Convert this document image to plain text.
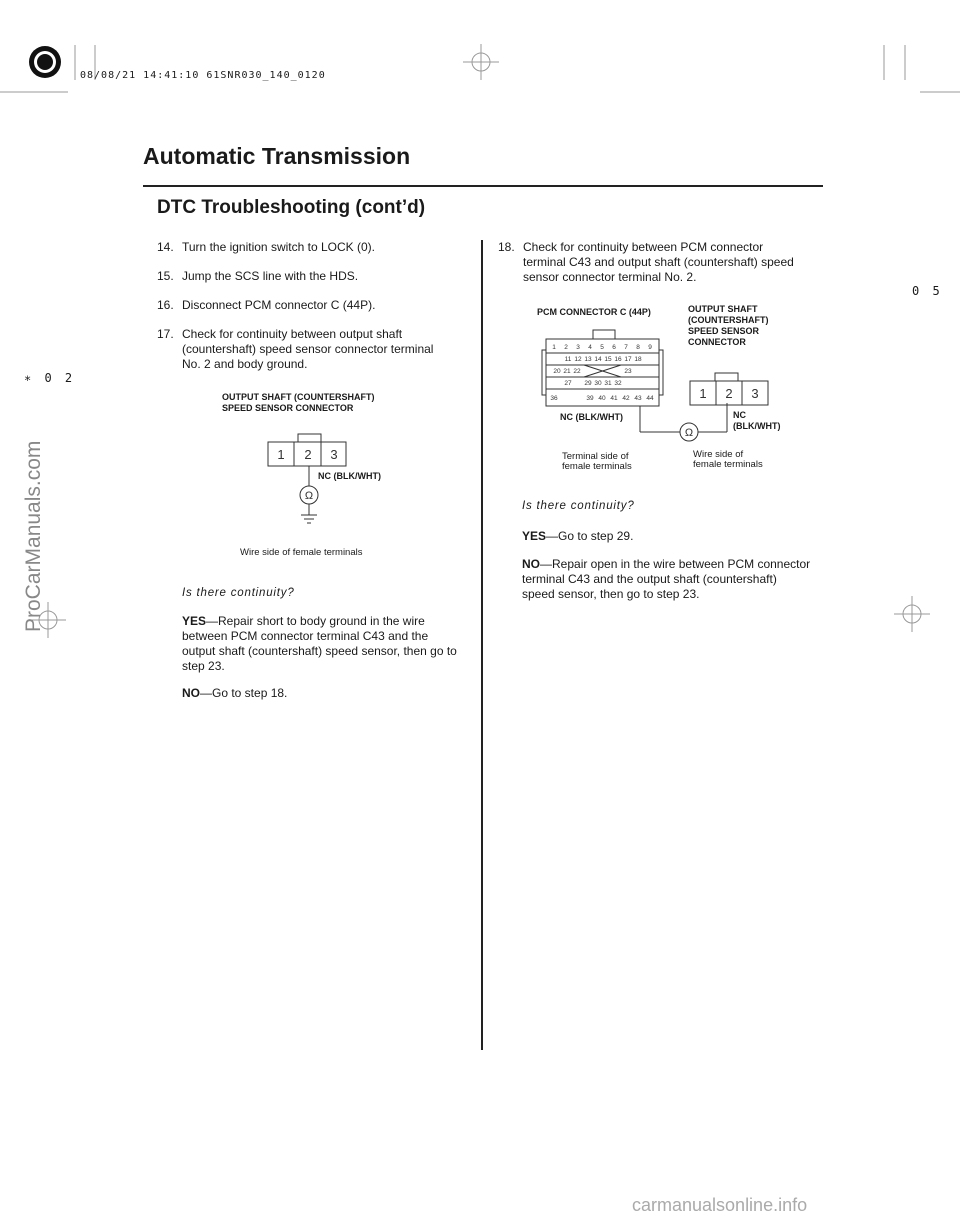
08/08/21 14:41:10 61SNR030_140_0120
∗ 0 2
0 5
Automatic Transmission
DTC Troubleshooting (cont’d)
14. Turn the ignition switch to LOCK (0).
15. Jump the SCS line with the HDS.
16. Disconnect PCM connector C (44P).
17. Check for continuity between output shaft
(countershaft) speed sensor connector terminal No. 2 and body ground.
OUTPUT SHAFT (COUNTERSHAFT)
SPEED SENSOR CONNECTOR
1 2 3
Ω
NC (BLK/WHT)
Wire side of female terminals
Is there continuity?
YES—Repair short to body ground in the wire between PCM connector terminal C43 and the output shaft (countershaft) speed sensor, then go to step 23.
NO—Go to step 18.
18. Check for continuity between PCM connector
terminal C43 and output shaft (countershaft) speed sensor connector terminal No. 2.
PCM CONNECTOR C (44P)	OUTPUT SHAFT
(COUNTERSHAFT)
SPEED SENSOR
CONNECTOR
1 2 3 4 5 6 7 8 9
11 12 13 14 15 16 17 18
20 21 22	23
27 29 30 31 32
36	39 40 41 42 43 44	1 2 3
Ω
NC (BLK/WHT)	NC
(BLK/WHT)
Terminal side of
female terminals
Wire side of
female terminals
Is there continuity?
YES—Go to step 29.
NO—Repair open in the wire between PCM connector terminal C43 and the output shaft (countershaft) speed sensor, then go to step 23.
ProCarManuals.com
carmanualsonline.info
